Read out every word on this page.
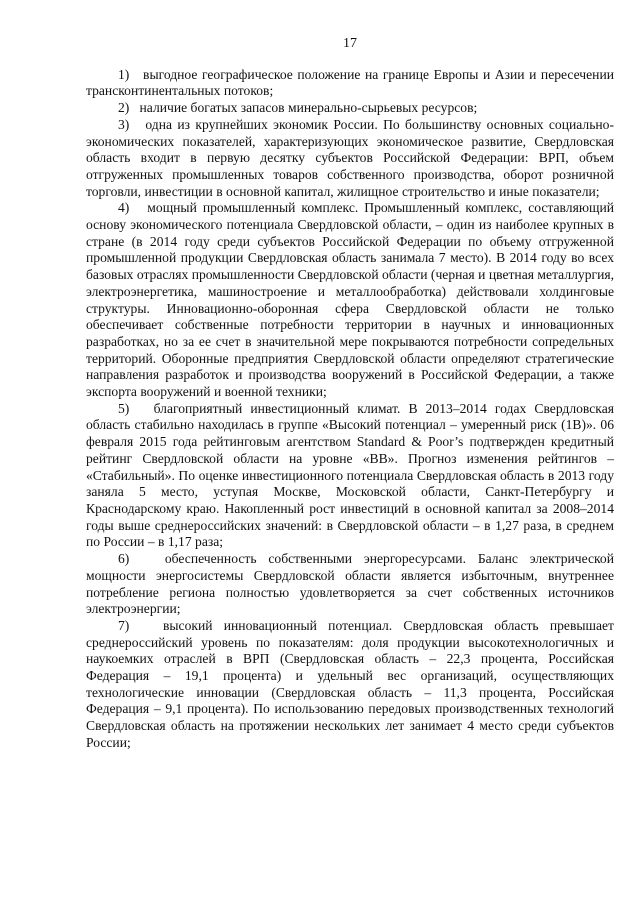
17

1)   выгодное географическое положение на границе Европы и Азии и пересечении трансконтинентальных потоков;

2)   наличие богатых запасов минерально-сырьевых ресурсов;

3)   одна из крупнейших экономик России. По большинству основных социально-экономических показателей, характеризующих экономическое развитие, Свердловская область входит в первую десятку субъектов Российской Федерации: ВРП, объем отгруженных промышленных товаров собственного производства, оборот розничной торговли, инвестиции в основной капитал, жилищное строительство и иные показатели;

4)   мощный промышленный комплекс. Промышленный комплекс, составляющий основу экономического потенциала Свердловской области, – один из наиболее крупных в стране (в 2014 году среди субъектов Российской Федерации по объему отгруженной промышленной продукции Свердловская область занимала 7 место). В 2014 году во всех базовых отраслях промышленности Свердловской области (черная и цветная металлургия, электроэнергетика, машиностроение и металлообработка) действовали холдинговые структуры. Инновационно-оборонная сфера Свердловской области не только обеспечивает собственные потребности территории в научных и инновационных разработках, но за ее счет в значительной мере покрываются потребности сопредельных территорий. Оборонные предприятия Свердловской области определяют стратегические направления разработок и производства вооружений в Российской Федерации, а также экспорта вооружений и военной техники;

5)   благоприятный инвестиционный климат. В 2013–2014 годах Свердловская область стабильно находилась в группе «Высокий потенциал – умеренный риск (1В)». 06 февраля 2015 года рейтинговым агентством Standard & Poor’s подтвержден кредитный рейтинг Свердловской области на уровне «ВВ». Прогноз изменения рейтингов – «Стабильный». По оценке инвестиционного потенциала Свердловская область в 2013 году заняла 5 место, уступая Москве, Московской области, Санкт-Петербургу и Краснодарскому краю. Накопленный рост инвестиций в основной капитал за 2008–2014 годы выше среднероссийских значений: в Свердловской области – в 1,27 раза, в среднем по России – в 1,17 раза;

6)   обеспеченность собственными энергоресурсами. Баланс электрической мощности энергосистемы Свердловской области является избыточным, внутреннее потребление региона полностью удовлетворяется за счет собственных источников электроэнергии;

7)   высокий инновационный потенциал. Свердловская область превышает среднероссийский уровень по показателям: доля продукции высокотехнологичных и наукоемких отраслей в ВРП (Свердловская область – 22,3 процента, Российская Федерация – 19,1 процента) и удельный вес организаций, осуществляющих технологические инновации (Свердловская область – 11,3 процента, Российская Федерация – 9,1 процента). По использованию передовых производственных технологий Свердловская область на протяжении нескольких лет занимает 4 место среди субъектов России;
